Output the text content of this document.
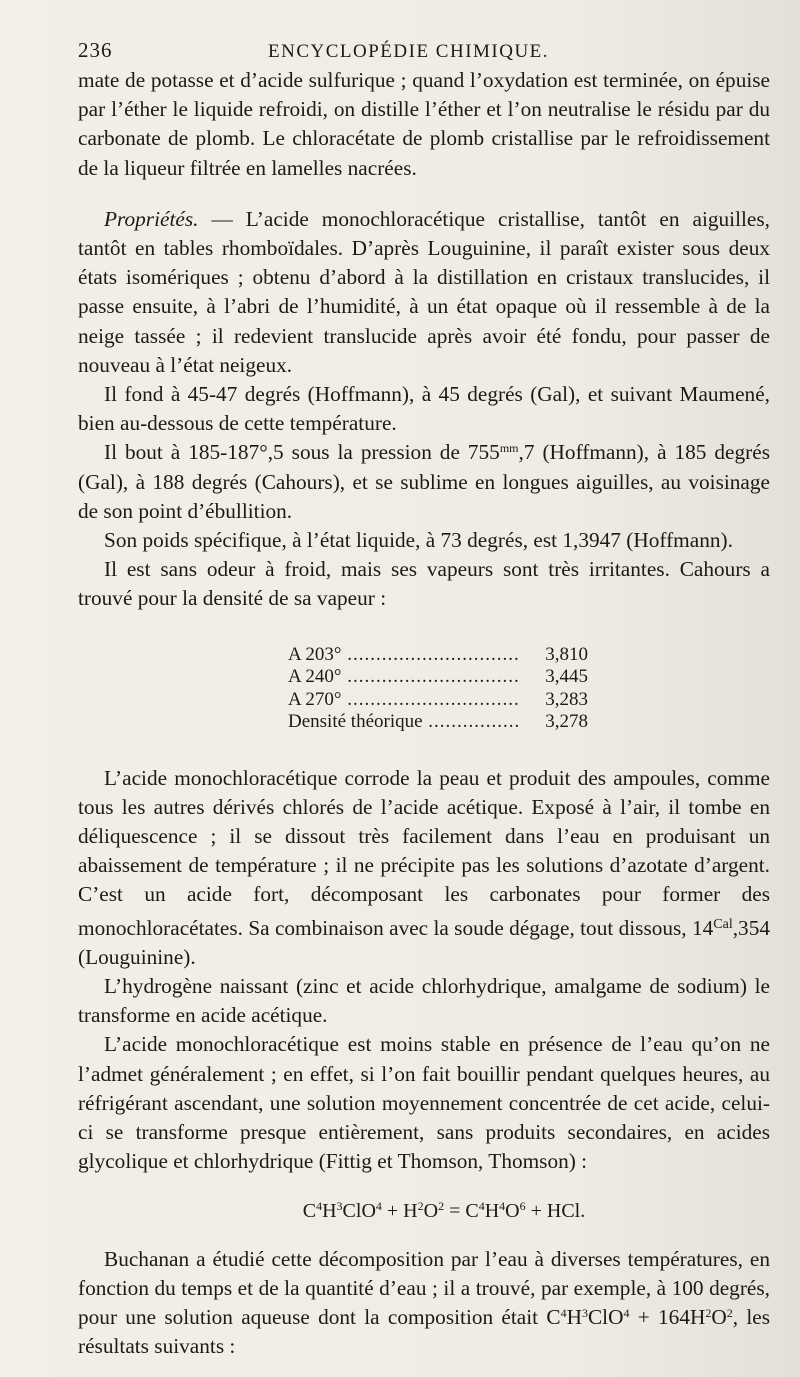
236	ENCYCLOPÉDIE CHIMIQUE.

mate de potasse et d’acide sulfurique ; quand l’oxydation est terminée, on épuise par l’éther le liquide refroidi, on distille l’éther et l’on neutralise le résidu par du carbonate de plomb. Le chloracétate de plomb cristallise par le refroidissement de la liqueur filtrée en lamelles nacrées.

Propriétés. — L’acide monochloracétique cristallise, tantôt en aiguilles, tantôt en tables rhomboïdales. D’après Louguinine, il paraît exister sous deux états isomériques ; obtenu d’abord à la distillation en cristaux translucides, il passe ensuite, à l’abri de l’humidité, à un état opaque où il ressemble à de la neige tassée ; il redevient translucide après avoir été fondu, pour passer de nouveau à l’état neigeux.

Il fond à 45-47 degrés (Hoffmann), à 45 degrés (Gal), et suivant Maumené, bien au-dessous de cette température.

Il bout à 185-187°,5 sous la pression de $755^{mm},7$ (Hoffmann), à 185 degrés (Gal), à 188 degrés (Cahours), et se sublime en longues aiguilles, au voisinage de son point d’ébullition.

Son poids spécifique, à l’état liquide, à 73 degrés, est 1,3947 (Hoffmann).

Il est sans odeur à froid, mais ses vapeurs sont très irritantes. Cahours a trouvé pour la densité de sa vapeur :

A 203° .....	3,810
A 240° .....	3,445
A 270° .....	3,283
Densité théorique .....	3,278

L’acide monochloracétique corrode la peau et produit des ampoules, comme tous les autres dérivés chlorés de l’acide acétique. Exposé à l’air, il tombe en déliquescence ; il se dissout très facilement dans l’eau en produisant un abaissement de température ; il ne précipite pas les solutions d’azotate d’argent. C’est un acide fort, décomposant les carbonates pour former des monochloracétates. Sa combinaison avec la soude dégage, tout dissous, $14^{Cal},354$ (Louguinine).

L’hydrogène naissant (zinc et acide chlorhydrique, amalgame de sodium) le transforme en acide acétique.

L’acide monochloracétique est moins stable en présence de l’eau qu’on ne l’admet généralement ; en effet, si l’on fait bouillir pendant quelques heures, au réfrigérant ascendant, une solution moyennement concentrée de cet acide, celui-ci se transforme presque entièrement, sans produits secondaires, en acides glycolique et chlorhydrique (Fittig et Thomson, Thomson) :

$C^4H^3ClO^4 + H^2O^2 = C^4H^4O^6$ + HCl.

Buchanan a étudié cette décomposition par l’eau à diverses températures, en fonction du temps et de la quantité d’eau ; il a trouvé, par exemple, à 100 degrés, pour une solution aqueuse dont la composition était $C^4H^3ClO^4 + 164H^2O^2$, les résultats suivants :
